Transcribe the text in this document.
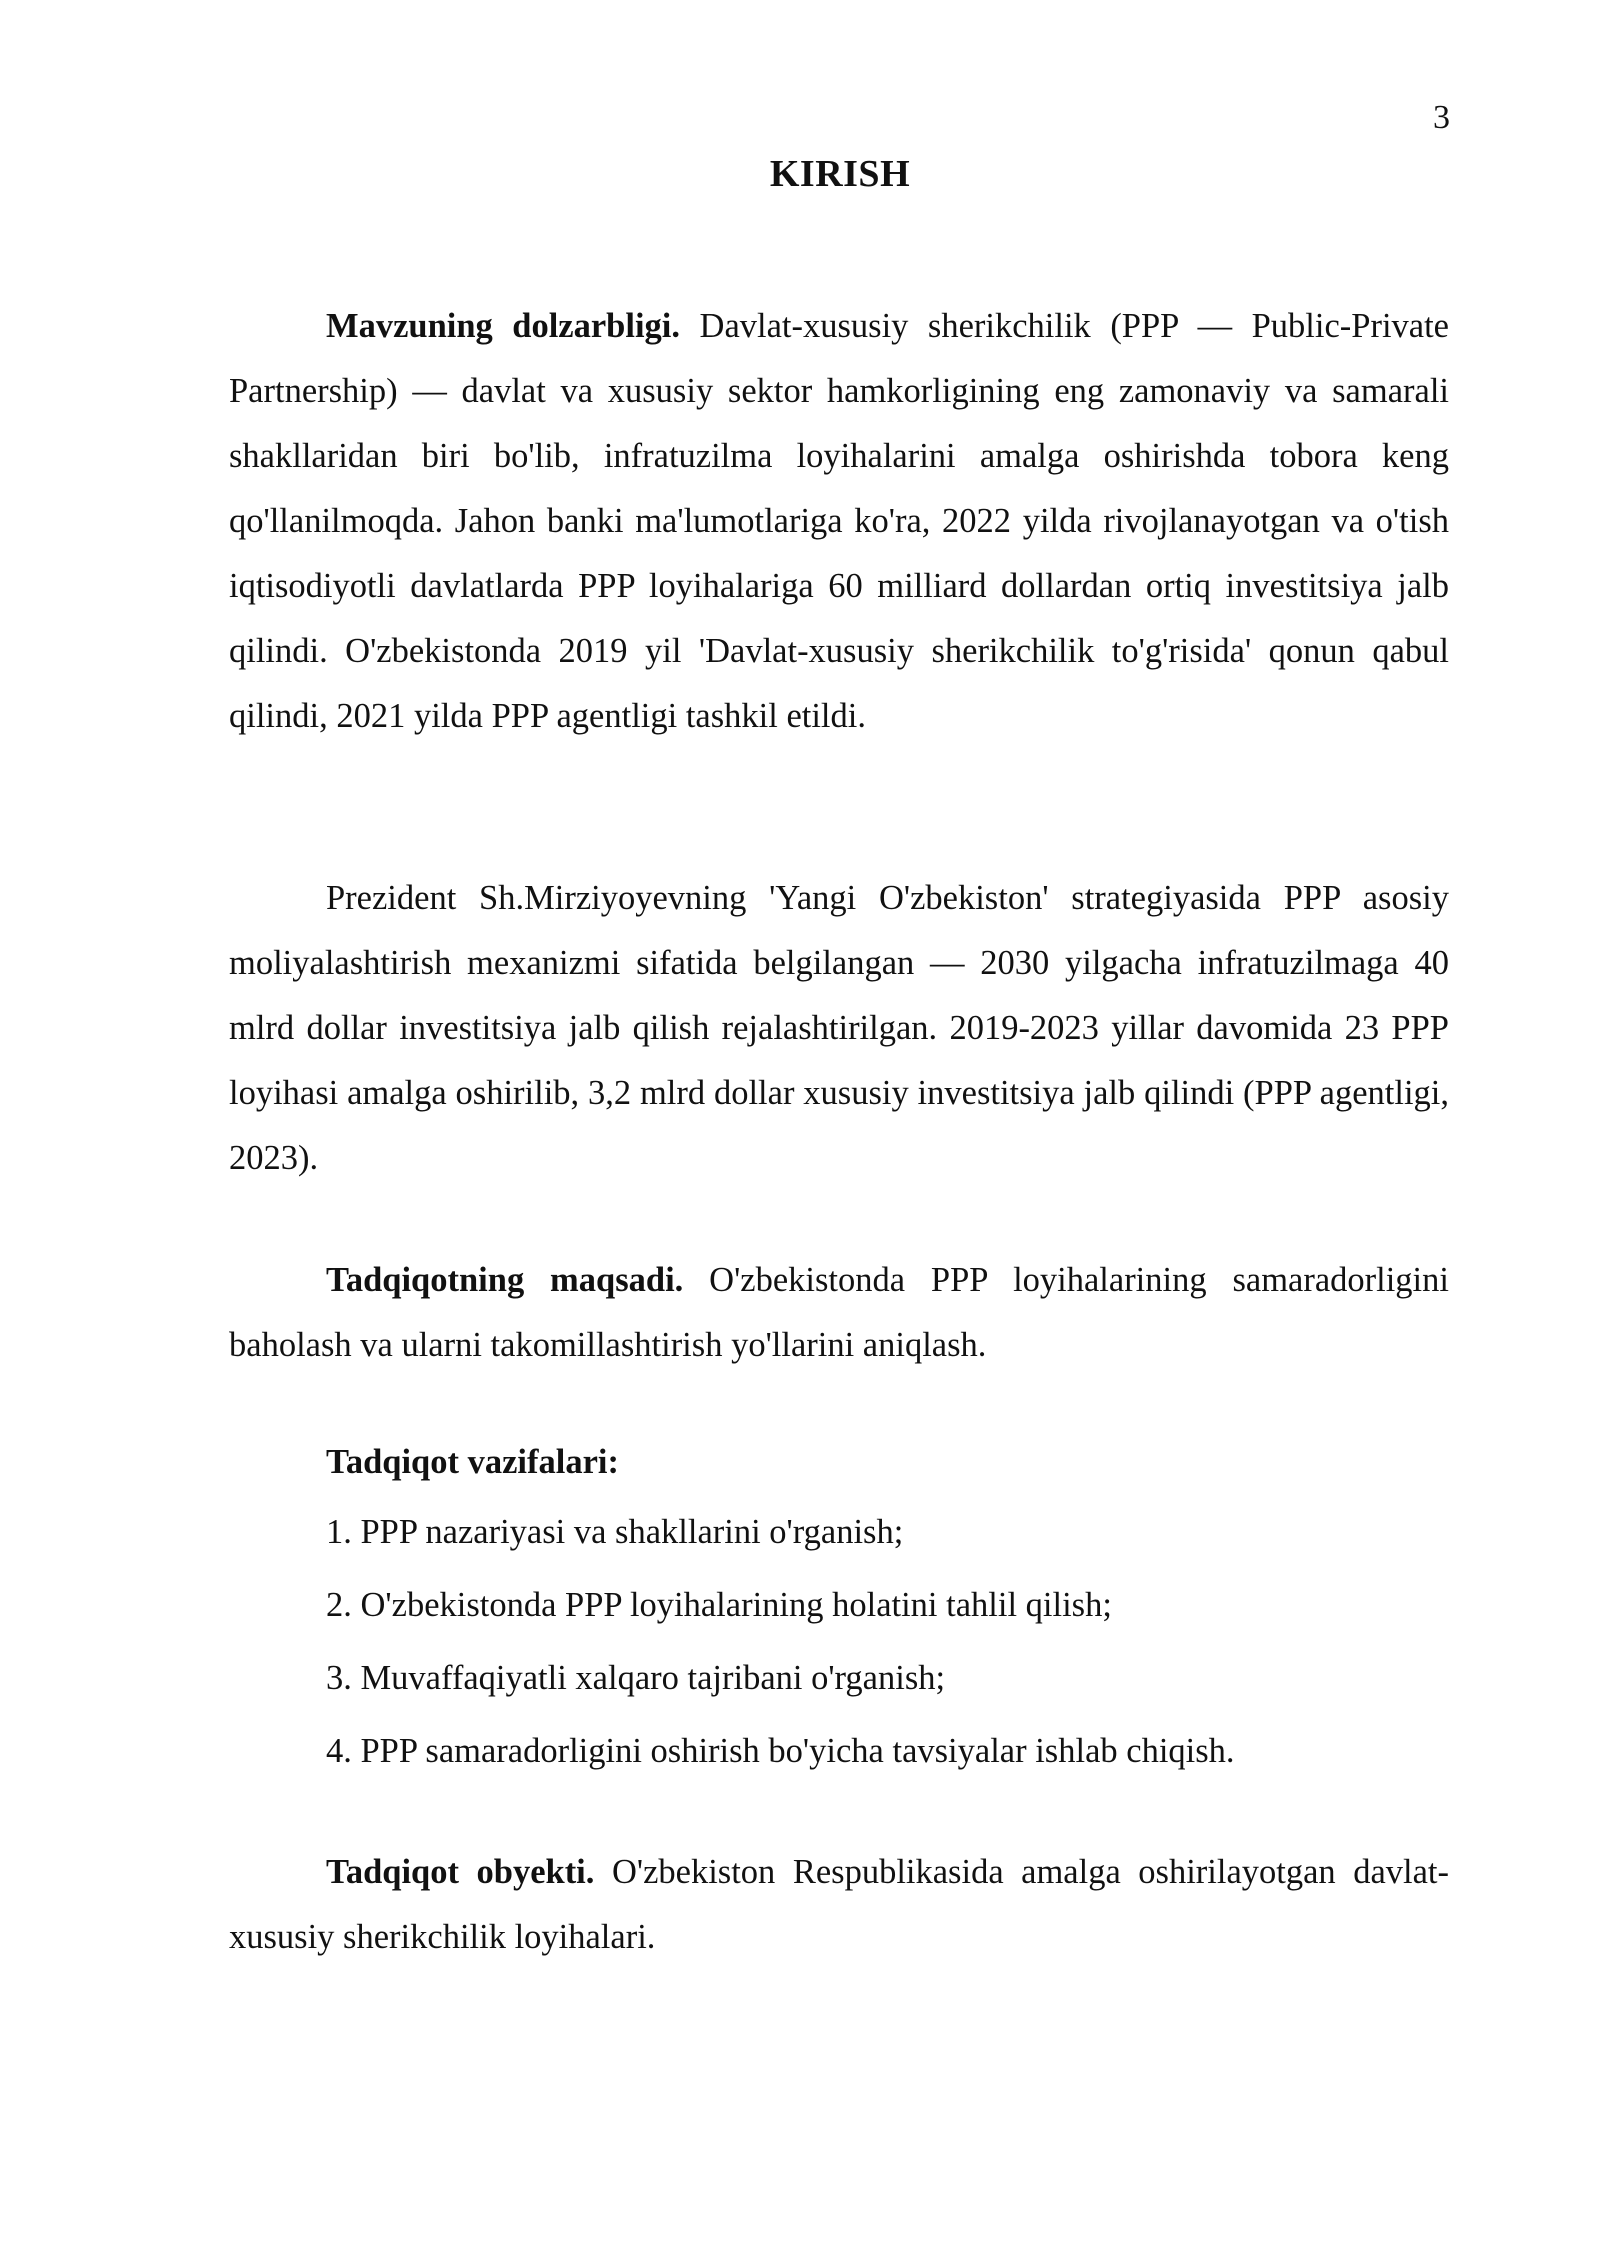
3
KIRISH

Mavzuning dolzarbligi. Davlat-xususiy sherikchilik (PPP — Public-Private Partnership) — davlat va xususiy sektor hamkorligining eng zamonaviy va samarali shakllaridan biri bo'lib, infratuzilma loyihalarini amalga oshirishda tobora keng qo'llanilmoqda. Jahon banki ma'lumotlariga ko'ra, 2022 yilda rivojlanayotgan va o'tish iqtisodiyotli davlatlarda PPP loyihalariga 60 milliard dollardan ortiq investitsiya jalb qilindi. O'zbekistonda 2019 yil 'Davlat-xususiy sherikchilik to'g'risida' qonun qabul qilindi, 2021 yilda PPP agentligi tashkil etildi.

Prezident Sh.Mirziyoyevning 'Yangi O'zbekiston' strategiyasida PPP asosiy moliyalashtirish mexanizmi sifatida belgilangan — 2030 yilgacha infratuzilmaga 40 mlrd dollar investitsiya jalb qilish rejalashtirilgan. 2019-2023 yillar davomida 23 PPP loyihasi amalga oshirilib, 3,2 mlrd dollar xususiy investitsiya jalb qilindi (PPP agentligi, 2023).

Tadqiqotning maqsadi. O'zbekistonda PPP loyihalarining samaradorligini baholash va ularni takomillashtirish yo'llarini aniqlash.

Tadqiqot vazifalari:

1. PPP nazariyasi va shakllarini o'rganish;
2. O'zbekistonda PPP loyihalarining holatini tahlil qilish;
3. Muvaffaqiyatli xalqaro tajribani o'rganish;
4. PPP samaradorligini oshirish bo'yicha tavsiyalar ishlab chiqish.

Tadqiqot obyekti. O'zbekiston Respublikasida amalga oshirilayotgan davlat-xususiy sherikchilik loyihalari.
